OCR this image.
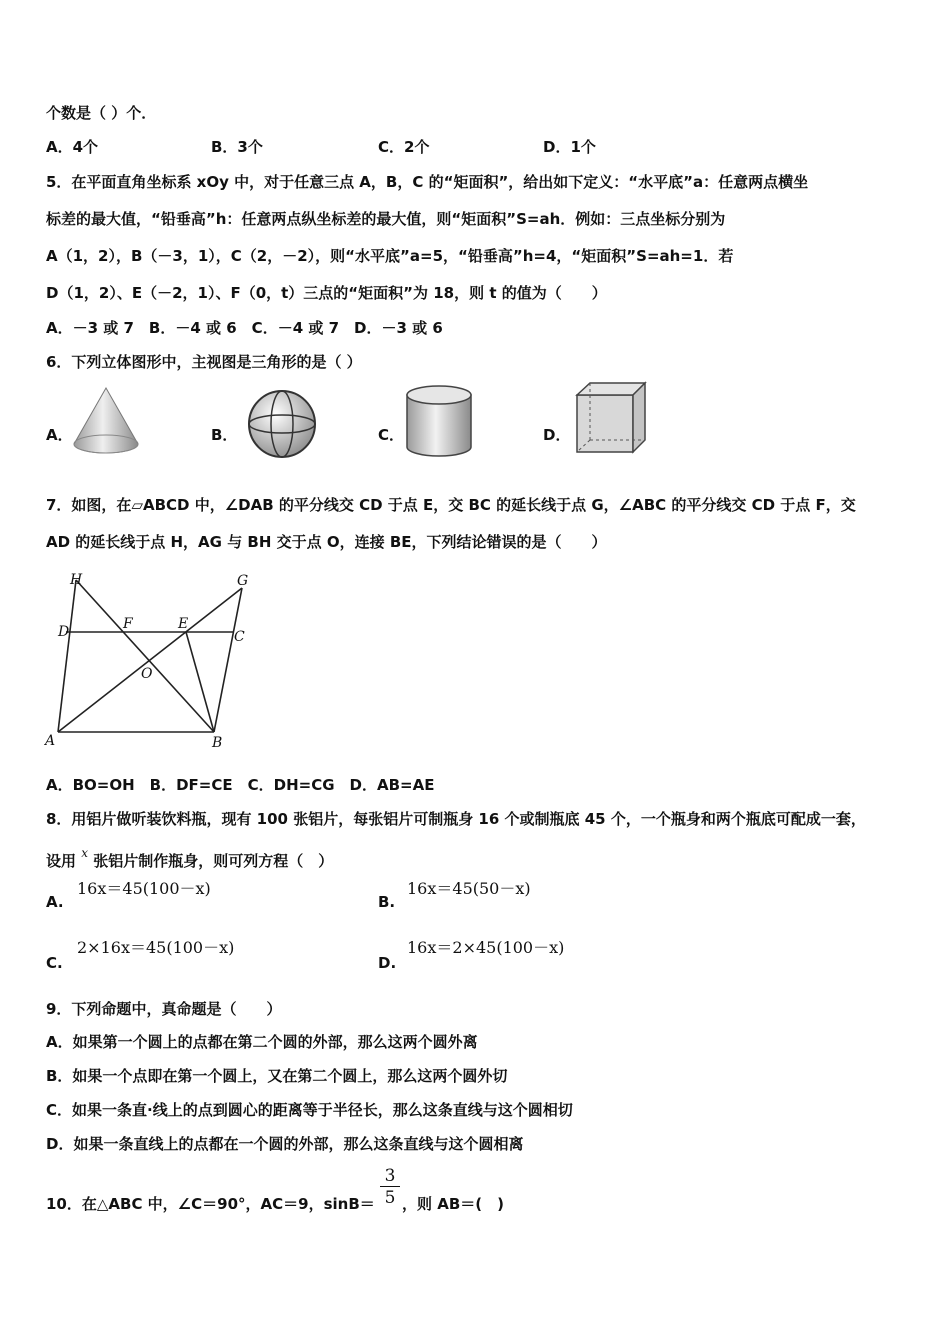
个数是（ ）个．
A．4个	B．3个	C．2个	D．1个
5．在平面直角坐标系 xOy 中，对于任意三点 A，B，C 的“矩面积”，给出如下定义：“水平底”a：任意两点横坐
标差的最大值，“铅垂高”h：任意两点纵坐标差的最大值，则“矩面积”S=ah．例如：三点坐标分别为
A（1，2），B（－3，1），C（2，－2），则“水平底”a=5，“铅垂高”h=4，“矩面积”S=ah=1．若
D（1，2）、E（－2，1）、F（0，t）三点的“矩面积”为 18，则 t 的值为（　　）
A．－3 或 7　B．－4 或 6　C．－4 或 7　D．－3 或 6
6．下列立体图形中，主视图是三角形的是（ ）
A．	B．	C．	D．
7．如图，在▱ABCD 中，∠DAB 的平分线交 CD 于点 E，交 BC 的延长线于点 G，∠ABC 的平分线交 CD 于点 F，交
AD 的延长线于点 H，AG 与 BH 交于点 O，连接 BE，下列结论错误的是（　　）
H	G
D	F	E
C
O
A	B
A．BO=OH　B．DF=CE　C．DH=CG　D．AB=AE
8．用铝片做听装饮料瓶，现有 100 张铝片，每张铝片可制瓶身 16 个或制瓶底 45 个，一个瓶身和两个瓶底可配成一套，
设用 $^x$ 张铝片制作瓶身，则可列方程（　）
A.
16x＝45(100－x)
B.
16x＝45(50－x)
C.
2×16x＝45(100－x)
D.
16x＝2×45(100－x)
9．下列命题中，真命题是（　　）
A．如果第一个圆上的点都在第二个圆的外部，那么这两个圆外离
B．如果一个点即在第一个圆上，又在第二个圆上，那么这两个圆外切
C．如果一条直·线上的点到圆心的距离等于半径长，那么这条直线与这个圆相切
D．如果一条直线上的点都在一个圆的外部，那么这条直线与这个圆相离
10．在△ABC 中，∠C＝90°，AC＝9，$\sin B= \frac{3}{5}$ ，则 AB＝(　)
